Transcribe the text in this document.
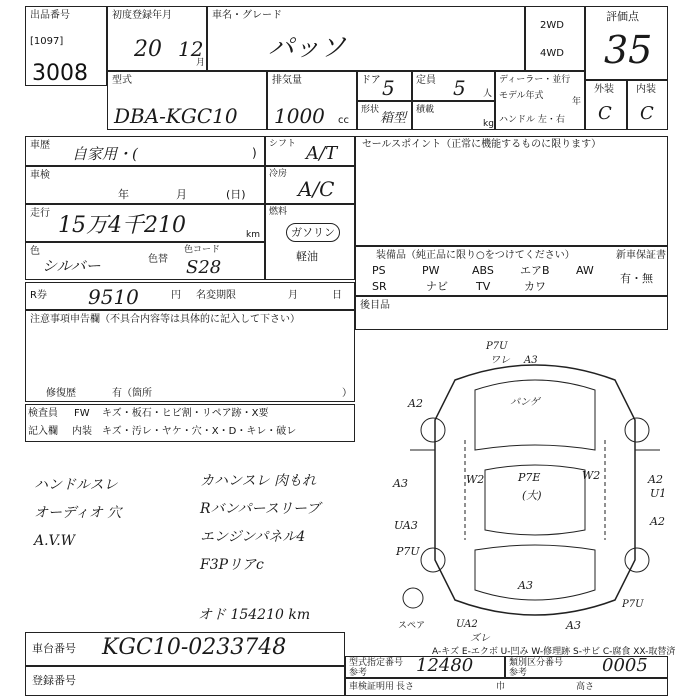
出品番号
[1097]
3008
初度登録年月
20 12
月
車名・グレード
パッソ
2WD
4WD
評価点
35
型式
DBA-KGC10
排気量
1000 cc
ドア 5 定員 5 人
形状
箱型
積載
kg
ディーラー・並行
モデル年式
年
ハンドル 左・右
外装
C
内装
C
車歴 自家用・(	)
車検
年	月	(日)
走行 15万4千210	km
シフト A/T
冷房
A/C
燃料
ガソリン
軽油
色
シルバー	色替
色コード
S28
R券 9510	円 名変期限	月	日
セールスポイント（正常に機能するものに限ります）
装備品（純正品に限り○をつけてください）	新車保証書
有・無
PS	PW	ABS エアB AW
SR	ナビ	TV	カワ
後目品
注意事項申告欄（不具合内容等は具体的に記入して下さい）
修復歴	有（箇所	）
検査員
記入欄
FW キズ・板石・ヒビ割・リペア跡・X要
内装 キズ・汚レ・ヤケ・穴・X・D・キレ・破レ
ハンドルスレ
オーディオ 穴
A.V.W
カハンスレ 肉もれ
Rバンパースリーブ
エンジンパネル4
F3Pリアc
オド 154210 km
A2
A3
UA3
P7U
W2	W2
P7U
ワレ A3
パンゲ
P7E
(大)
A2
U1
A2
A3
P7U
UA2
ズレ
A3
スペア
A-キズ E-エクボ U-凹み W-修理跡 S-サビ C-腐食 XX-取替済
車台番号 KGC10-0233748
登録番号
型式指定番号
参考	12480	類別区分番号
参考	0005
車検証明用 長さ	巾	高さ
